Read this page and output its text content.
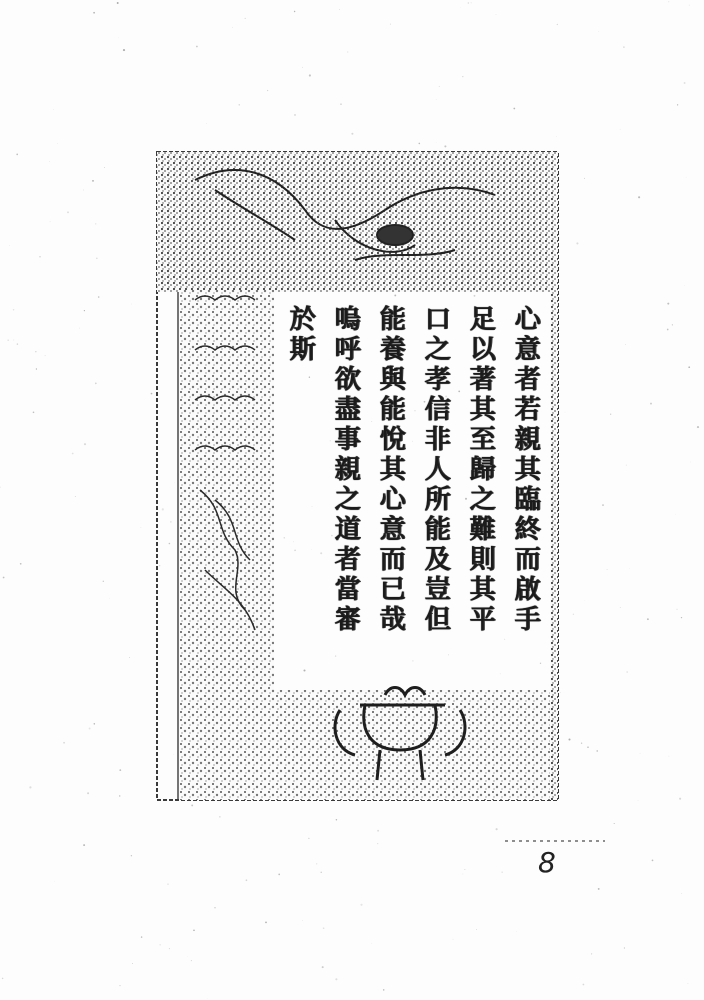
心意者若親其臨終而啟手
足以著其至歸之難則其平
口之孝信非人所能及豈但
能養與能悅其心意而已哉
嗚呼欲盡事親之道者當審
於斯
8
